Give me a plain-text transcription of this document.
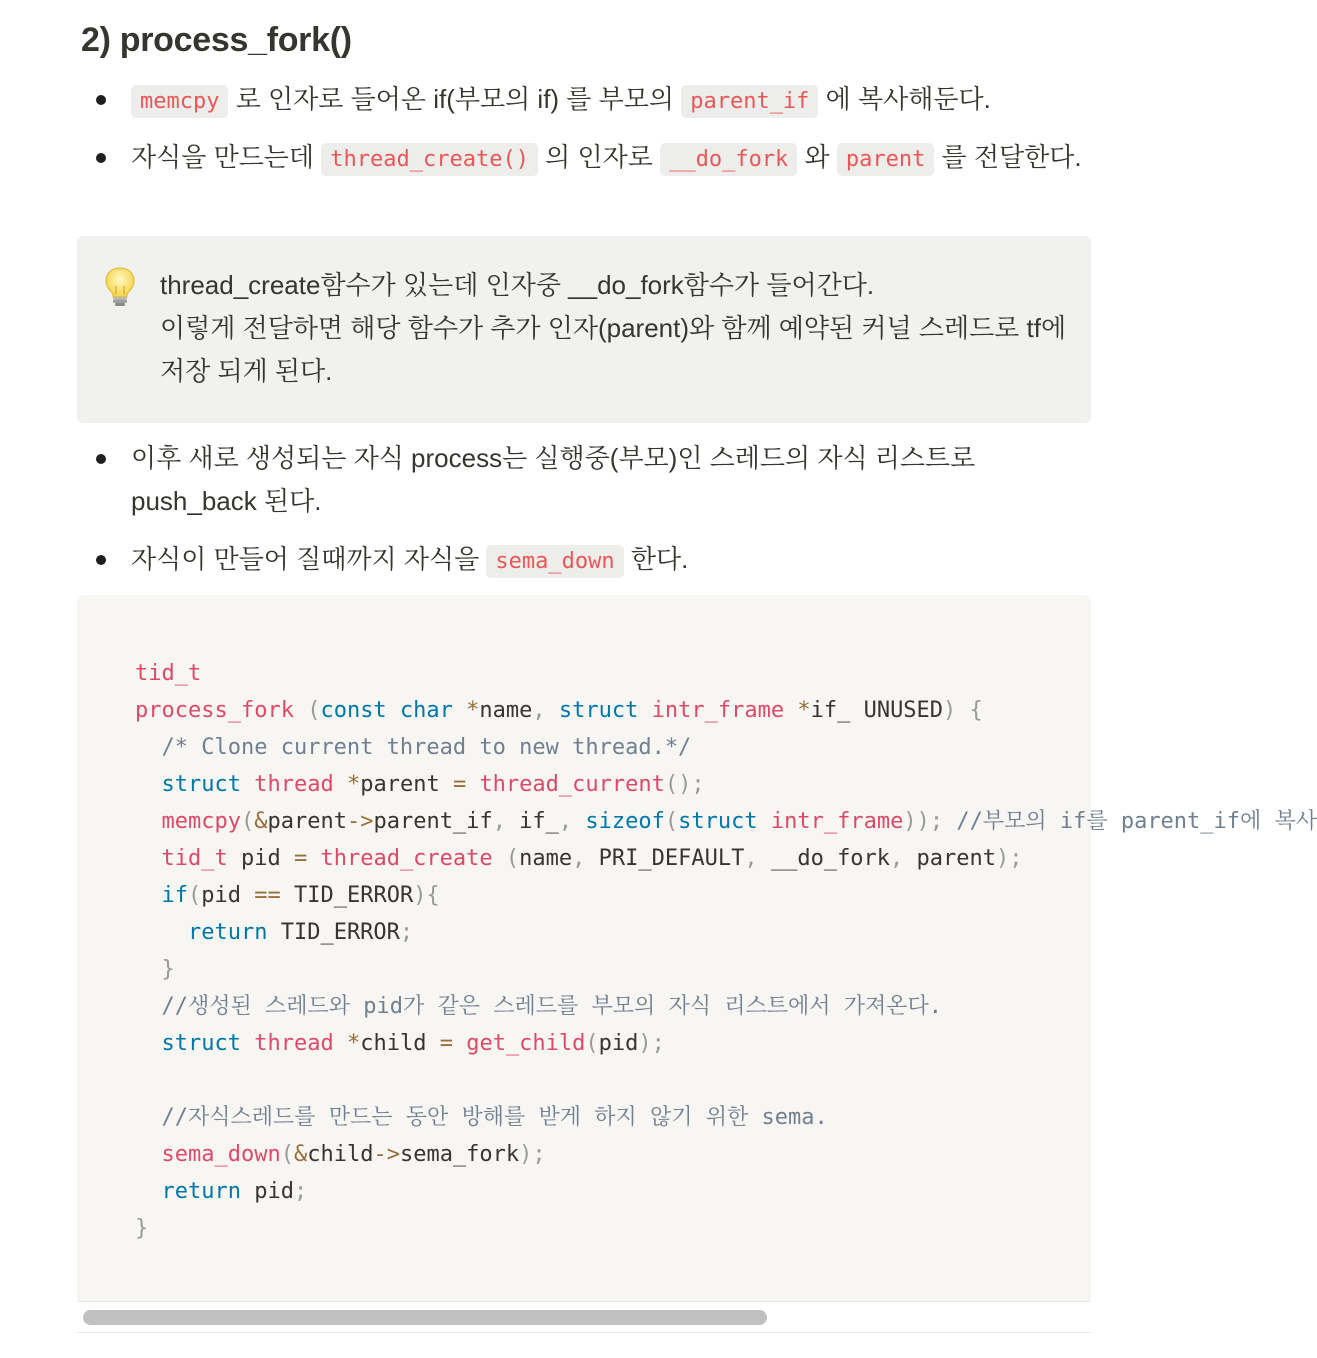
2) process_fork()
memcpy 로 인자로 들어온 if(부모의 if) 를 부모의 parent_if 에 복사해둔다.
자식을 만드는데 thread_create() 의 인자로 __do_fork 와 parent 를 전달한다.
thread_create함수가 있는데 인자중 __do_fork함수가 들어간다.
이렇게 전달하면 해당 함수가 추가 인자(parent)와 함께 예약된 커널 스레드로 tf에 저장 되게 된다.
이후 새로 생성되는 자식 process는 실행중(부모)인 스레드의 자식 리스트로 push_back 된다.
자식이 만들어 질때까지 자식을 sema_down 한다.
tid_t
process_fork (const char *name, struct intr_frame *if_ UNUSED) {
/* Clone current thread to new thread.*/
struct thread *parent = thread_current();
memcpy(&parent->parent_if, if_, sizeof(struct intr_frame)); //부모의 if를 parent_if에 복사
tid_t pid = thread_create (name, PRI_DEFAULT, __do_fork, parent);
if(pid == TID_ERROR){
return TID_ERROR;
}
//생성된 스레드와 pid가 같은 스레드를 부모의 자식 리스트에서 가져온다.
struct thread *child = get_child(pid);
//자식스레드를 만드는 동안 방해를 받게 하지 않기 위한 sema.
sema_down(&child->sema_fork);
return pid;
}
